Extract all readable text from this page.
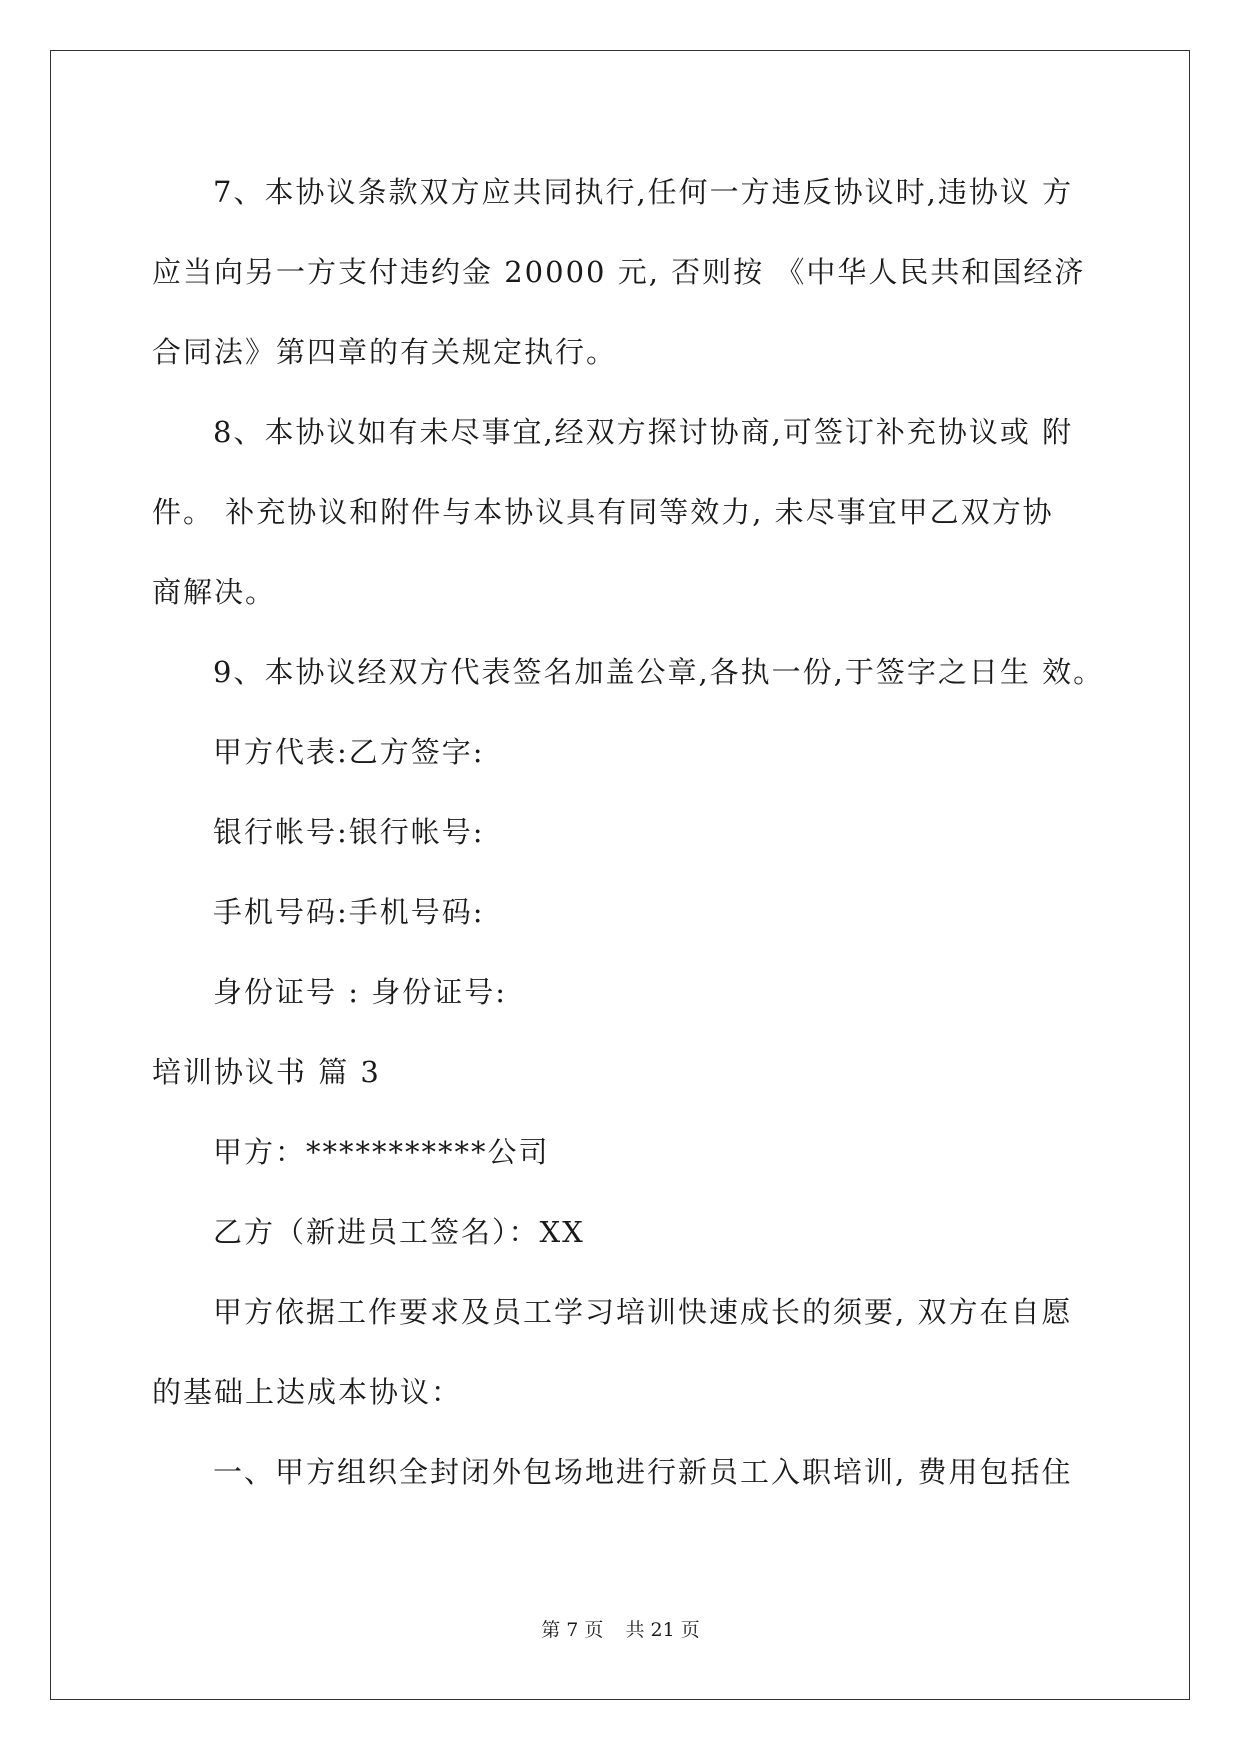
7、本协议条款双方应共同执行,任何一方违反协议时,违协议 方
应当向另一方支付违约金 20000 元, 否则按 《中华人民共和国经济
合同法》第四章的有关规定执行。
8、本协议如有未尽事宜,经双方探讨协商,可签订补充协议或 附
件。 补充协议和附件与本协议具有同等效力, 未尽事宜甲乙双方协
商解决。
9、本协议经双方代表签名加盖公章,各执一份,于签字之日生 效。
甲方代表:乙方签字:
银行帐号:银行帐号:
手机号码:手机号码:
身份证号 : 身份证号:
培训协议书 篇 3
甲方：***********公司
乙方（新进员工签名）：XX
甲方依据工作要求及员工学习培训快速成长的须要, 双方在自愿
的基础上达成本协议：
一、甲方组织全封闭外包场地进行新员工入职培训, 费用包括住
第 7 页 共 21 页
